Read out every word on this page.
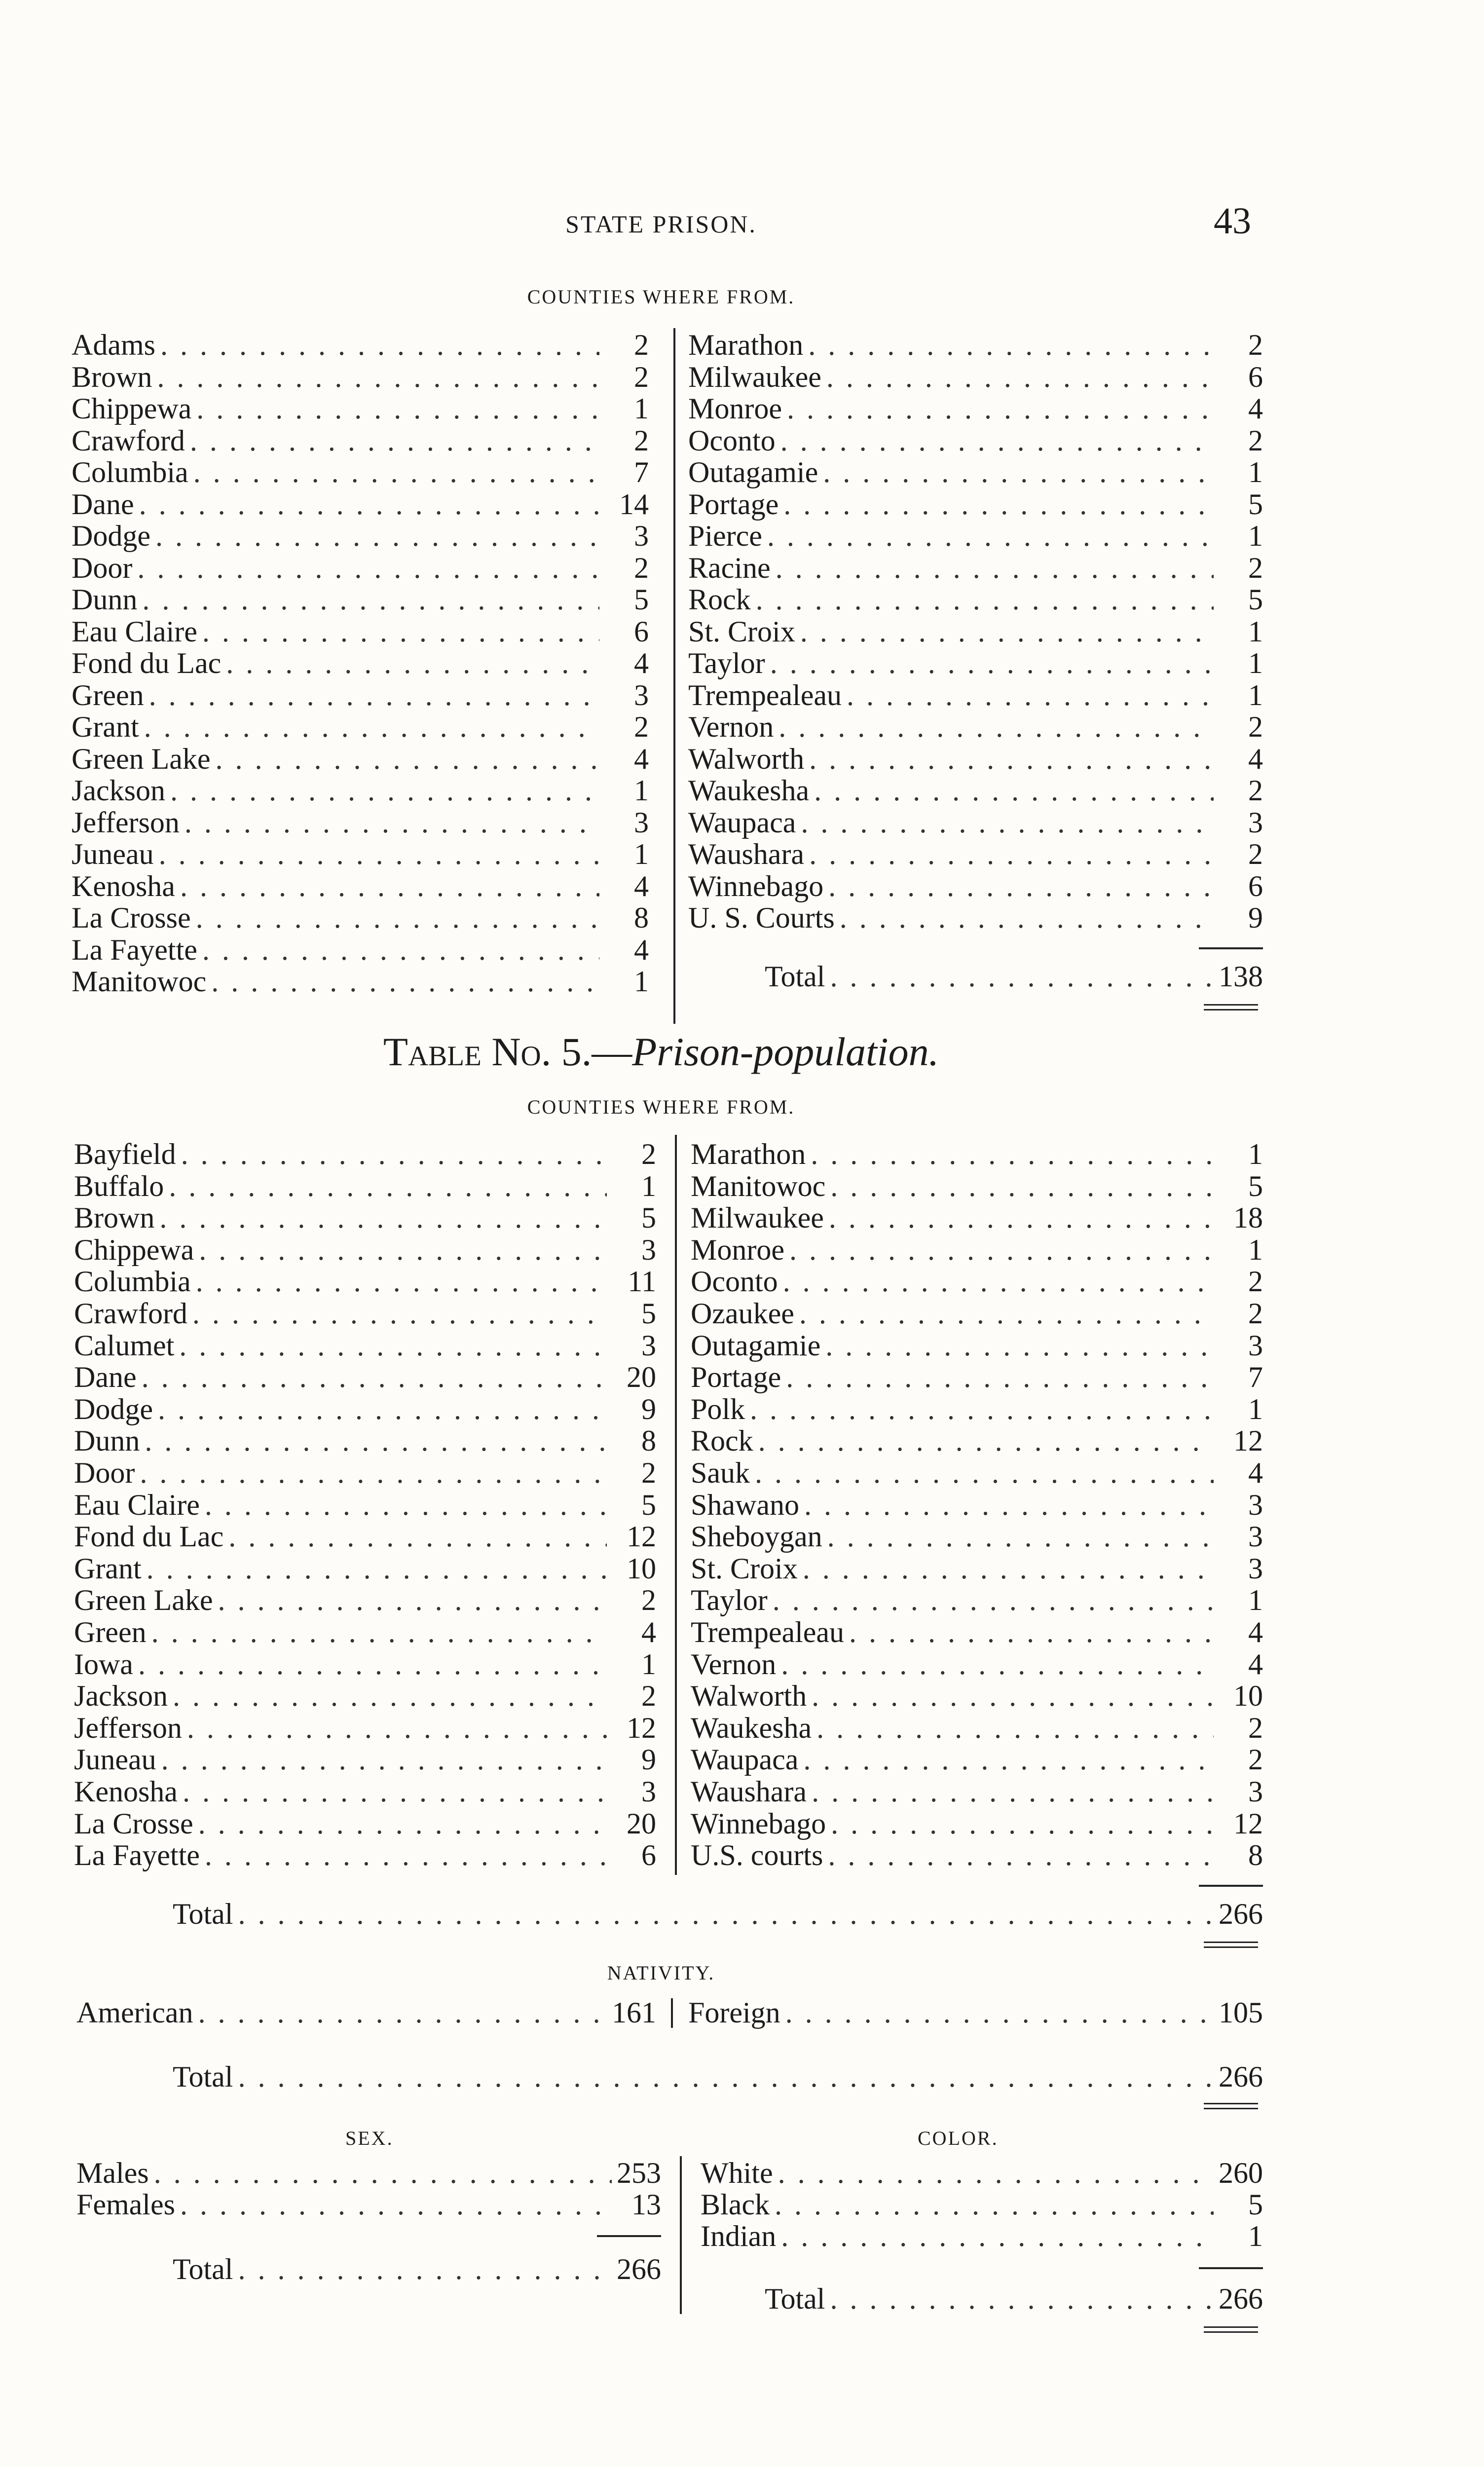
STATE PRISON.	43
COUNTIES WHERE FROM.
Adams . . .	2
Brown . . .	2
Chippewa . . .	1
Crawford . . .	2
Columbia . . .	7
Dane . . .	14
Dodge . . .	3
Door . . .	2
Dunn . . .	5
Eau Claire . . .	6
Fond du Lac . . .	4
Green . . .	3
Grant . . .	2
Green Lake . . .	4
Jackson . . .	1
Jefferson . . .	3
Juneau . . .	1
Kenosha . . .	4
La Crosse . . .	8
La Fayette . . .	4
Manitowoc . . .	1
Marathon . . .	2
Milwaukee . . .	6
Monroe . . .	4
Oconto . . .	2
Outagamie . . .	1
Portage . . .	5
Pierce . . .	1
Racine . . .	2
Rock . . .	5
St. Croix . . .	1
Taylor . . .	1
Trempealeau . . .	1
Vernon . . .	2
Walworth . . .	4
Waukesha . . .	2
Waupaca . . .	3
Waushara . . .	2
Winnebago . . .	6
U. S. Courts . . .	9
Total . . .	138
Table No. 5.—Prison-population.
COUNTIES WHERE FROM.
Bayfield . . .	2
Buffalo . . .	1
Brown . . .	5
Chippewa . . .	3
Columbia . . .	11
Crawford . . .	5
Calumet . . .	3
Dane . . .	20
Dodge . . .	9
Dunn . . .	8
Door . . .	2
Eau Claire . . .	5
Fond du Lac . . .	12
Grant . . .	10
Green Lake . . .	2
Green . . .	4
Iowa . . .	1
Jackson . . .	2
Jefferson . . .	12
Juneau . . .	9
Kenosha . . .	3
La Crosse . . .	20
La Fayette . . .	6
Marathon . . .	1
Manitowoc . . .	5
Milwaukee . . .	18
Monroe . . .	1
Oconto . . .	2
Ozaukee . . .	2
Outagamie . . .	3
Portage . . .	7
Polk . . .	1
Rock . . .	12
Sauk . . .	4
Shawano . . .	3
Sheboygan . . .	3
St. Croix . . .	3
Taylor . . .	1
Trempealeau . . .	4
Vernon . . .	4
Walworth . . .	10
Waukesha . . .	2
Waupaca . . .	2
Waushara . . .	3
Winnebago . . .	12
U.S. courts . . .	8
Total . . .	266
NATIVITY.
American . . .	161 Foreign . . .	105
Total . . .	266
SEX.
Males . . .	253
Females . . .	13
Total . . .	266
COLOR.
White . . .	260
Black . . .	5
Indian . . .	1
Total . . .	266
